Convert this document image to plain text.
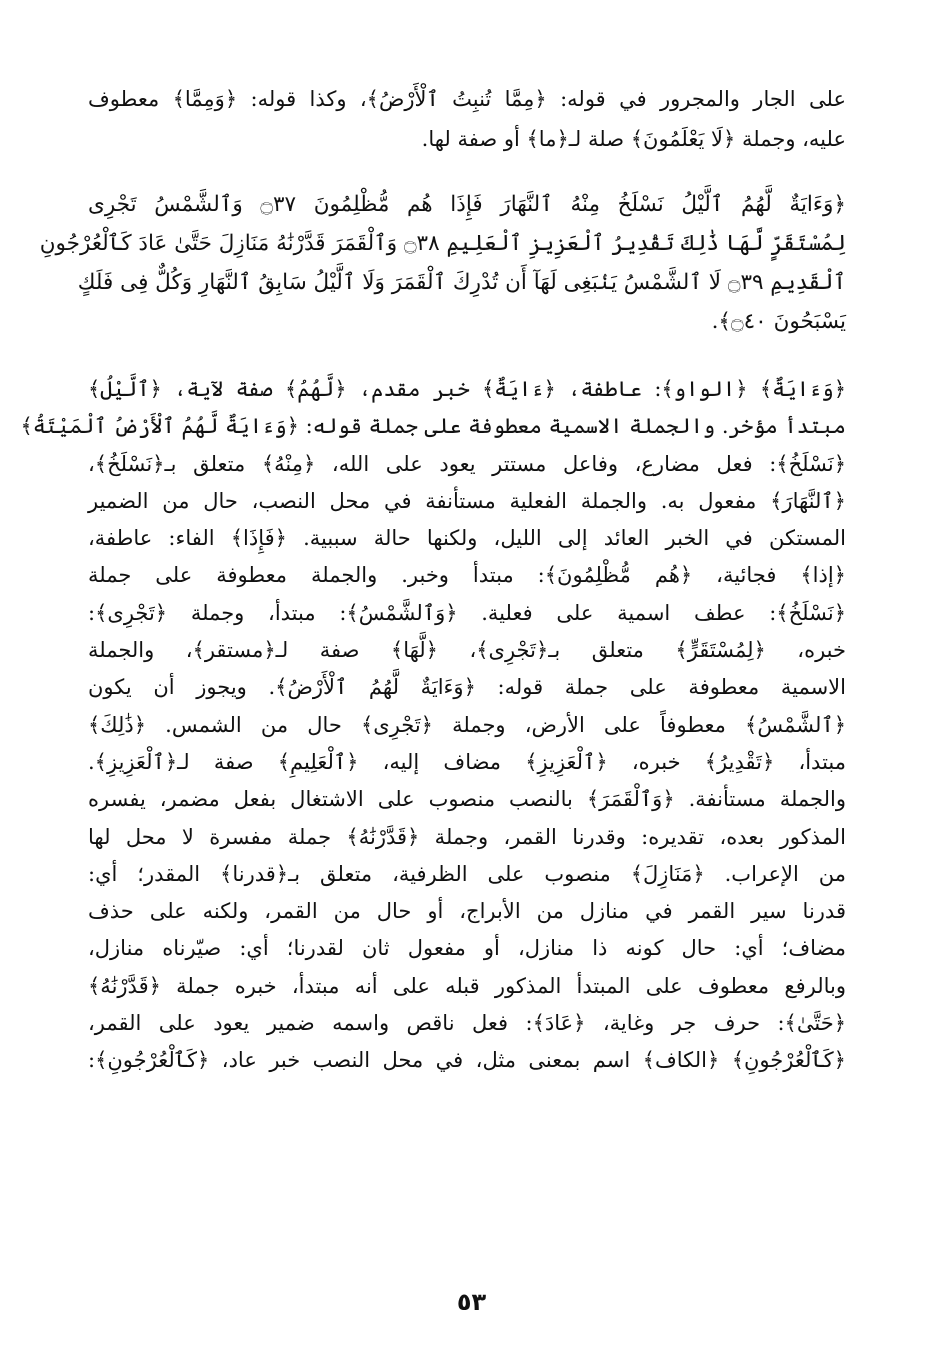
على الجار والمجرور في قوله: ﴿مِمَّا تُنبِتُ ٱلْأَرْضُ﴾، وكذا قوله: ﴿وَمِمَّا﴾ معطوف
عليه، وجملة ﴿لَا يَعْلَمُونَ﴾ صلة لـ﴿ما﴾ أو صفة لها.

﴿وَءَايَةٌ لَّهُمُ ٱلَّيْلُ نَسْلَخُ مِنْهُ ٱلنَّهَارَ فَإِذَا هُم مُّظْلِمُونَ ۝٣٧ وَٱلشَّمْسُ تَجْرِى
لِمُسْتَقَرٍّ لَّهَا ذَٰلِكَ تَقْدِيرُ ٱلْعَزِيزِ ٱلْعَلِيمِ ۝٣٨ وَٱلْقَمَرَ قَدَّرْنَٰهُ مَنَازِلَ حَتَّىٰ عَادَ كَٱلْعُرْجُونِ
ٱلْقَدِيمِ ۝٣٩ لَا ٱلشَّمْسُ يَنۢبَغِى لَهَآ أَن تُدْرِكَ ٱلْقَمَرَ وَلَا ٱلَّيْلُ سَابِقُ ٱلنَّهَارِ وَكُلٌّ فِى فَلَكٍ
يَسْبَحُونَ ۝٤٠﴾.

﴿وَءَايَةٌ﴾ ﴿الواو﴾: عاطفة، ﴿ءَايَةٌ﴾ خبر مقدم، ﴿لَّهُمُ﴾ صفة لآية، ﴿ٱلَّيْلُ﴾
مبتدأ مؤخر. والجملة الاسمية معطوفة على جملة قوله: ﴿وَءَايَةٌ لَّهُمُ ٱلْأَرْضُ ٱلْمَيْتَةُ﴾
﴿نَسْلَخُ﴾: فعل مضارع، وفاعل مستتر يعود على الله، ﴿مِنْهُ﴾ متعلق بـ﴿نَسْلَخُ﴾،
﴿ٱلنَّهَارَ﴾ مفعول به. والجملة الفعلية مستأنفة في محل النصب، حال من الضمير
المستكن في الخبر العائد إلى الليل، ولكنها حالة سببية. ﴿فَإِذَا﴾ الفاء: عاطفة،
﴿إذا﴾ فجائية، ﴿هُم مُّظْلِمُونَ﴾: مبتدأ وخبر. والجملة معطوفة على جملة
﴿نَسْلَخُ﴾: عطف اسمية على فعلية. ﴿وَٱلشَّمْسُ﴾: مبتدأ، وجملة ﴿تَجْرِى﴾:
خبره، ﴿لِمُسْتَقَرٍّ﴾ متعلق بـ﴿تَجْرِى﴾، ﴿لَّهَا﴾ صفة لـ﴿مستقر﴾، والجملة
الاسمية معطوفة على جملة قوله: ﴿وَءَايَةٌ لَّهُمُ ٱلْأَرْضُ﴾. ويجوز أن يكون
﴿ٱلشَّمْسُ﴾ معطوفاً على الأرض، وجملة ﴿تَجْرِى﴾ حال من الشمس. ﴿ذَٰلِكَ﴾
مبتدأ، ﴿تَقْدِيرُ﴾ خبره، ﴿ٱلْعَزِيزِ﴾ مضاف إليه، ﴿ٱلْعَلِيمِ﴾ صفة لـ﴿ٱلْعَزِيزِ﴾.
والجملة مستأنفة. ﴿وَٱلْقَمَرَ﴾ بالنصب منصوب على الاشتغال بفعل مضمر، يفسره
المذكور بعده، تقديره: وقدرنا القمر، وجملة ﴿قَدَّرْنَٰهُ﴾ جملة مفسرة لا محل لها
من الإعراب. ﴿مَنَازِلَ﴾ منصوب على الظرفية، متعلق بـ﴿قدرنا﴾ المقدر؛ أي:
قدرنا سير القمر في منازل من الأبراج، أو حال من القمر، ولكنه على حذف
مضاف؛ أي: حال كونه ذا منازل، أو مفعول ثان لقدرنا؛ أي: صيّرناه منازل،
وبالرفع معطوف على المبتدأ المذكور قبله على أنه مبتدأ، خبره جملة ﴿قَدَّرْنَٰهُ﴾
﴿حَتَّىٰ﴾: حرف جر وغاية، ﴿عَادَ﴾: فعل ناقص واسمه ضمير يعود على القمر،
﴿كَٱلْعُرْجُونِ﴾ ﴿الكاف﴾ اسم بمعنى مثل، في محل النصب خبر عاد، ﴿كَٱلْعُرْجُونِ﴾:

٥٣
